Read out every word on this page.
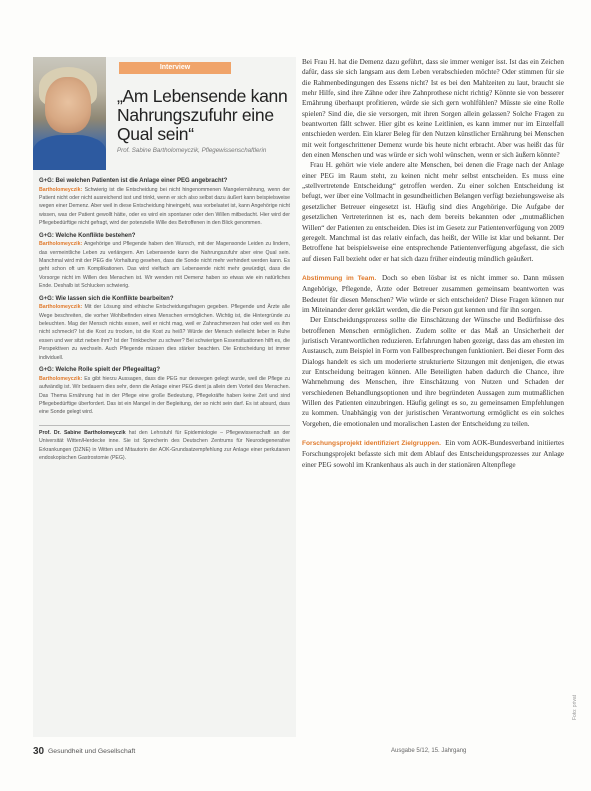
Interview
„Am Lebensende kann Nahrungszufuhr eine Qual sein“
Prof. Sabine Bartholomeyczik, Pflegewissenschaftlerin
G+G: Bei welchen Patienten ist die Anlage einer PEG angebracht?
Bartholomeyczik: Schwierig ist die Entscheidung bei nicht hingenommenen Mangelernährung, wenn der Patient nicht oder nicht ausreichend isst und trinkt, wenn er sich also selbst dazu äußert kann beispielsweise wegen einer Demenz. Aber weil in diese Entscheidung hineingeht, was vorbelastet ist, kann Angehörige nicht wissen, was der Patient gewollt hätte, oder es wird ein spontaner oder den Willen mitbedacht. Hier wird der Pflegebedürftige nicht gefragt, wird der potenzielle Wille des Betroffenen in den Blick genommen.
G+G: Welche Konflikte bestehen?
Bartholomeyczik: Angehörige und Pflegende haben den Wunsch, mit der Magensonde Leiden zu lindern, das vermeintliche Leben zu verlängern. Am Lebensende kann die Nahrungszufuhr aber eine Qual sein. Manchmal wird mit der PEG die Vorhaltung gesehen, dass die Sonde nicht mehr verhindert werden kann. Es geht schon oft um Komplikationen. Das wird vielfach am Lebensende nicht mehr gewürdigt, dass die Vorsorge nicht im Willen des Menschen ist. Wir wenden mit Demenz haben so etwas wie ein natürliches Ende. Deshalb ist Schlucken schwierig.
G+G: Wie lassen sich die Konflikte bearbeiten?
Bartholomeyczik: Mit der Lösung sind ethische Entscheidungsfragen gegeben. Pflegende und Ärzte alle Wege beschreiten, die vorher Wohlbefinden eines Menschen ermöglichen. Wichtig ist, die Hintergründe zu beleuchten. Mag der Mensch nichts essen, weil er nicht mag, weil er Zahnschmerzen hat oder weil es ihm nicht schmeckt? Ist die Kost zu trocken, ist die Kost zu heiß? Würde der Mensch vielleicht lieber in Ruhe essen und wer sitzt neben ihm? Ist der Trinkbecher zu schwer? Bei schwierigen Essensituationen hilft es, die Perspektiven zu wechseln. Auch Pflegende müssen dies stärker beachten. Die Entscheidung ist immer individuell.
G+G: Welche Rolle spielt der Pflegealltag?
Bartholomeyczik: Es gibt hierzu Aussagen, dass die PEG nur deswegen gelegt wurde, weil die Pflege zu aufwändig ist. Wir bedauern dies sehr, denn die Anlage einer PEG dient ja allein dem Vorteil des Menschen. Das Thema Ernährung hat in der Pflege eine große Bedeutung, Pflegekräfte haben keine Zeit und sind Pflegebedürftige überfordert. Das ist ein Mangel in der Begleitung, der so nicht sein darf. Es ist absurd, dass eine Sonde gelegt wird.
Prof. Dr. Sabine Bartholomeyczik hat den Lehrstuhl für Epidemiologie – Pflegewissenschaft an der Universität Witten/Herdecke inne. Sie ist Sprecherin des Deutschen Zentrums für Neurodegenerative Erkrankungen (DZNE) in Witten und Mitautorin der AOK-Grundsatzempfehlung zur Anlage einer perkutanen endoskopischen Gastrostomie (PEG).

Bei Frau H. hat die Demenz dazu geführt, dass sie immer weniger isst. Ist das ein Zeichen dafür, dass sie sich langsam aus dem Leben verabschieden möchte? Oder stimmen für sie die Rahmenbedingungen des Essens nicht? Ist es bei den Mahlzeiten zu laut, braucht sie mehr Hilfe, sind ihre Zähne oder ihre Zahnprothese nicht richtig? Könnte sie von besserer Ernährung überhaupt profitieren, würde sie sich gern wohlfühlen? Müsste sie eine Rolle spielen? Sind die, die sie versorgen, mit ihren Sorgen allein gelassen? Solche Fragen zu beantworten fällt schwer. Hier gibt es keine Leitlinien, es kann immer nur im Einzelfall entschieden werden. Ein klarer Beleg für den Nutzen künstlicher Ernährung bei Menschen mit weit fortgeschrittener Demenz wurde bis heute nicht erbracht. Aber was heißt das für den einen Menschen und was würde er sich wohl wünschen, wenn er sich äußern könnte?

Frau H. gehört wie viele andere alte Menschen, bei denen die Frage nach der Anlage einer PEG im Raum steht, zu keinen nicht mehr selbst entscheiden. Es muss eine „stellvertretende Entscheidung“ getroffen werden. Zu einer solchen Entscheidung ist befugt, wer über eine Vollmacht in gesundheitlichen Belangen verfügt beziehungsweise als gesetzlicher Betreuer eingesetzt ist. Häufig sind dies Angehörige. Die Aufgabe der gesetzlichen Vertreterinnen ist es, nach dem bereits bekannten oder „mutmaßlichen Willen“ der Patienten zu entscheiden. Dies ist im Gesetz zur Patientenverfügung von 2009 geregelt. Manchmal ist das relativ einfach, das heißt, der Wille ist klar und bekannt. Der Betroffene hat beispielsweise eine entsprechende Patientenverfügung abgefasst, die sich auf diesen Fall bezieht oder er hat sich dazu früher eindeutig mündlich geäußert.

Abstimmung im Team. Doch so eben lösbar ist es nicht immer so. Dann müssen Angehörige, Pflegende, Ärzte oder Betreuer zusammen gemeinsam beantworten was Bedeutet für diesen Menschen? Wie würde er sich entscheiden? Diese Fragen können nur im Miteinander derer geklärt werden, die die Person gut kennen und für ihn sorgen.

Der Entscheidungsprozess sollte die Einschätzung der Wünsche und Bedürfnisse des betroffenen Menschen ermöglichen. Zudem sollte er das Maß an Unsicherheit der juristisch Verantwortlichen reduzieren. Erfahrungen haben gezeigt, dass das am ehesten im Austausch, zum Beispiel in Form von Fallbesprechungen funktioniert. Bei dieser Form des Dialogs handelt es sich um moderierte strukturierte Sitzungen mit denjenigen, die etwas zur Entscheidung beitragen können. Alle Beteiligten haben dadurch die Chance, ihre Wahrnehmung des Menschen, ihre Einschätzung von Nutzen und Schaden der verschiedenen Behandlungsoptionen und ihre begründeten Aussagen zum mutmaßlichen Willen des Patienten einzubringen. Häufig gelingt es so, zu gemeinsamen Empfehlungen zu kommen. Unabhängig von der juristischen Verantwortung ermöglicht es ein solches Vorgehen, die emotionalen und moralischen Lasten der Entscheidung zu teilen.

Forschungsprojekt identifiziert Zielgruppen. Ein vom AOK-Bundesverband initiiertes Forschungsprojekt befasste sich mit dem Ablauf des Entscheidungsprozesses zur Anlage einer PEG sowohl im Krankenhaus als auch in der stationären Altenpflege

Foto: privat
30 Gesundheit und Gesellschaft	Ausgabe 5/12, 15. Jahrgang
